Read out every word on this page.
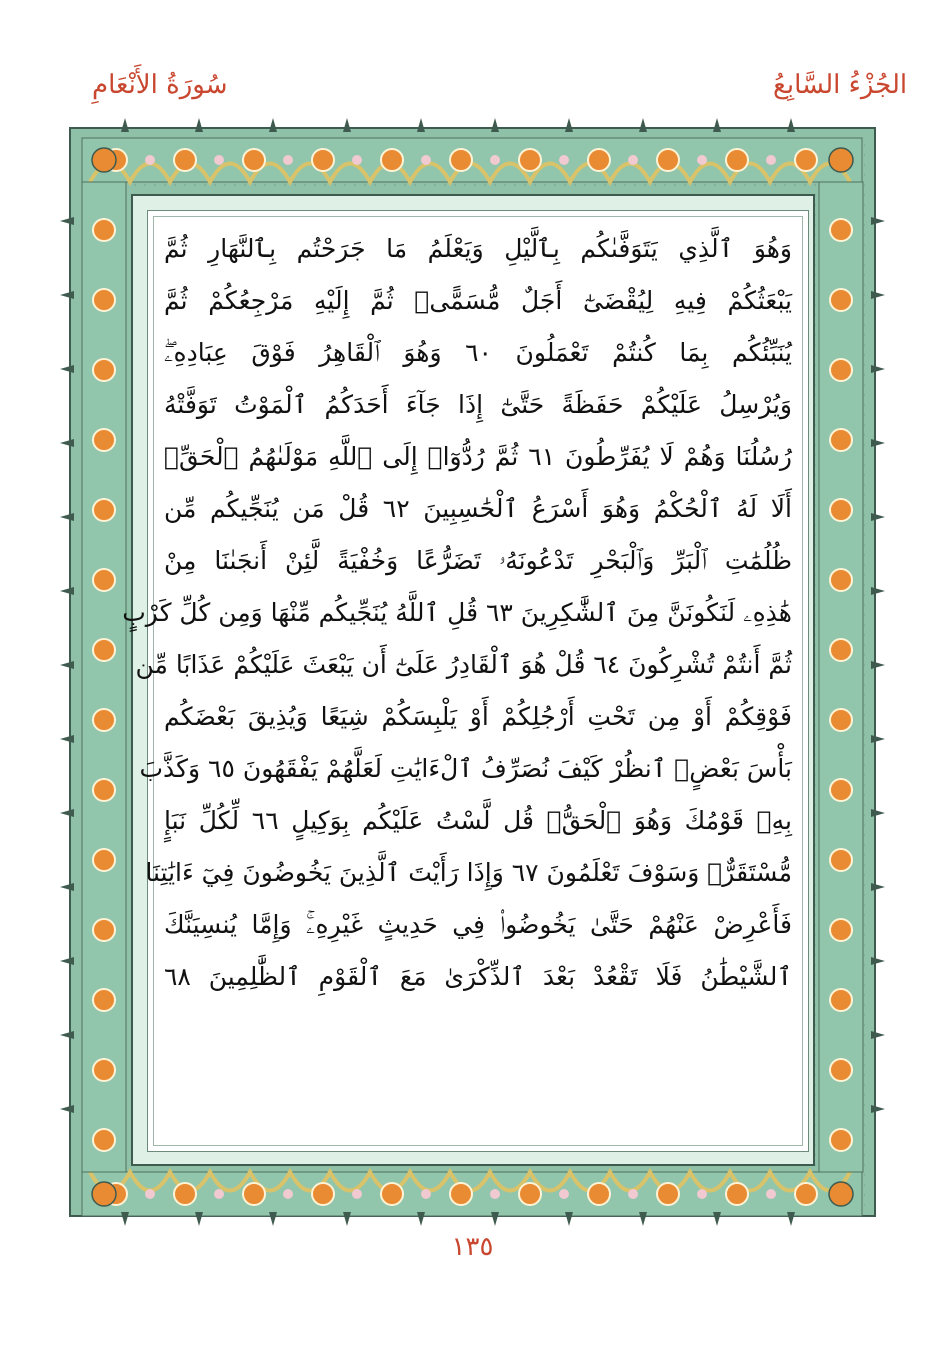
سُورَةُ الأَنْعَامِ	الجُزْءُ السَّابِعُ
وَهُوَ ٱلَّذِي يَتَوَفَّىٰكُم بِٱلَّيْلِ وَيَعْلَمُ مَا جَرَحْتُم بِٱلنَّهَارِ ثُمَّ
يَبْعَثُكُمْ فِيهِ لِيُقْضَىٰٓ أَجَلٌ مُّسَمًّىۖ ثُمَّ إِلَيْهِ مَرْجِعُكُمْ ثُمَّ
يُنَبِّئُكُم بِمَا كُنتُمْ تَعْمَلُونَ ٦٠ وَهُوَ ٱلْقَاهِرُ فَوْقَ عِبَادِهِۦۖ
وَيُرْسِلُ عَلَيْكُمْ حَفَظَةً حَتَّىٰٓ إِذَا جَآءَ أَحَدَكُمُ ٱلْمَوْتُ تَوَفَّتْهُ
رُسُلُنَا وَهُمْ لَا يُفَرِّطُونَ ٦١ ثُمَّ رُدُّوٓا۟ إِلَى ٱللَّهِ مَوْلَىٰهُمُ ٱلْحَقِّۚ
أَلَا لَهُ ٱلْحُكْمُ وَهُوَ أَسْرَعُ ٱلْحَٰسِبِينَ ٦٢ قُلْ مَن يُنَجِّيكُم مِّن
ظُلُمَٰتِ ٱلْبَرِّ وَٱلْبَحْرِ تَدْعُونَهُۥ تَضَرُّعًا وَخُفْيَةً لَّئِنْ أَنجَىٰنَا مِنْ
هَٰذِهِۦ لَنَكُونَنَّ مِنَ ٱلشَّٰكِرِينَ ٦٣ قُلِ ٱللَّهُ يُنَجِّيكُم مِّنْهَا وَمِن كُلِّ كَرْبٍ
ثُمَّ أَنتُمْ تُشْرِكُونَ ٦٤ قُلْ هُوَ ٱلْقَادِرُ عَلَىٰٓ أَن يَبْعَثَ عَلَيْكُمْ عَذَابًا مِّن
فَوْقِكُمْ أَوْ مِن تَحْتِ أَرْجُلِكُمْ أَوْ يَلْبِسَكُمْ شِيَعًا وَيُذِيقَ بَعْضَكُم
بَأْسَ بَعْضٍۗ ٱنظُرْ كَيْفَ نُصَرِّفُ ٱلْءَايَٰتِ لَعَلَّهُمْ يَفْقَهُونَ ٦٥ وَكَذَّبَ
بِهِۦ قَوْمُكَ وَهُوَ ٱلْحَقُّۚ قُل لَّسْتُ عَلَيْكُم بِوَكِيلٍ ٦٦ لِّكُلِّ نَبَإٍ
مُّسْتَقَرٌّۚ وَسَوْفَ تَعْلَمُونَ ٦٧ وَإِذَا رَأَيْتَ ٱلَّذِينَ يَخُوضُونَ فِيٓ ءَايَٰتِنَا
فَأَعْرِضْ عَنْهُمْ حَتَّىٰ يَخُوضُوا۟ فِي حَدِيثٍ غَيْرِهِۦۚ وَإِمَّا يُنسِيَنَّكَ
ٱلشَّيْطَٰنُ فَلَا تَقْعُدْ بَعْدَ ٱلذِّكْرَىٰ مَعَ ٱلْقَوْمِ ٱلظَّٰلِمِينَ ٦٨
١٣٥
